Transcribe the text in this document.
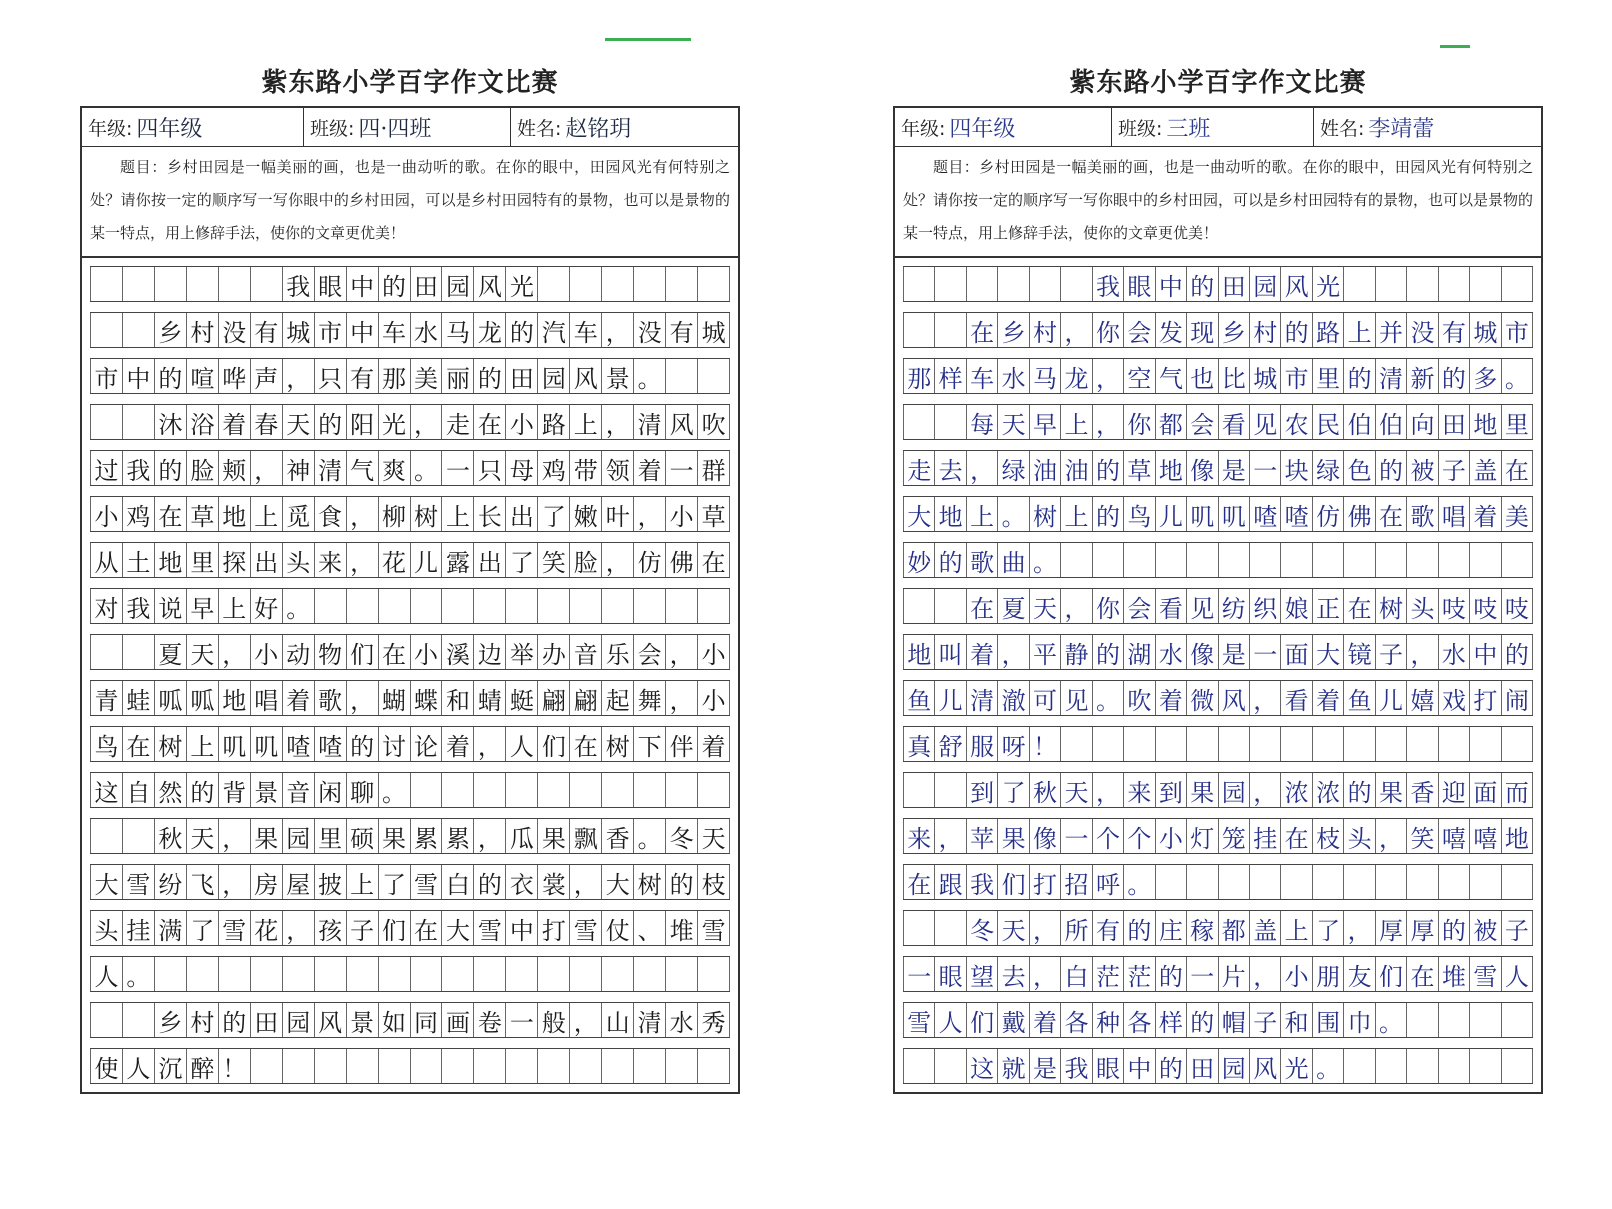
紫东路小学百字作文比赛
年级: 四年级	班级: 四·四班	姓名: 赵铭玥
题目：乡村田园是一幅美丽的画，也是一曲动听的歌。在你的眼中，田园风光有何特别之处？请你按一定的顺序写一写你眼中的乡村田园，可以是乡村田园特有的景物，也可以是景物的某一特点，用上修辞手法，使你的文章更优美！
我 眼 中 的 田 园 风 光
乡 村 没 有 城 市 中 车 水 马 龙 的 汽 车 ， 没 有 城
市 中 的 喧 哗 声 ， 只 有 那 美 丽 的 田 园 风 景 。
沐 浴 着 春 天 的 阳 光 ， 走 在 小 路 上 ， 清 风 吹
过 我 的 脸 颊 ， 神 清 气 爽 。 一 只 母 鸡 带 领 着 一 群
小 鸡 在 草 地 上 觅 食 ， 柳 树 上 长 出 了 嫩 叶 ， 小 草
从 土 地 里 探 出 头 来 ， 花 儿 露 出 了 笑 脸 ， 仿 佛 在
对 我 说 早 上 好 。
夏 天 ， 小 动 物 们 在 小 溪 边 举 办 音 乐 会 ， 小
青 蛙 呱 呱 地 唱 着 歌 ， 蝴 蝶 和 蜻 蜓 翩 翩 起 舞 ， 小
鸟 在 树 上 叽 叽 喳 喳 的 讨 论 着 ， 人 们 在 树 下 伴 着
这 自 然 的 背 景 音 闲 聊 。
秋 天 ， 果 园 里 硕 果 累 累 ， 瓜 果 飘 香 。 冬 天
大 雪 纷 飞 ， 房 屋 披 上 了 雪 白 的 衣 裳 ， 大 树 的 枝
头 挂 满 了 雪 花 ， 孩 子 们 在 大 雪 中 打 雪 仗 、 堆 雪
人 。
乡 村 的 田 园 风 景 如 同 画 卷 一 般 ， 山 清 水 秀
使 人 沉 醉 ！
紫东路小学百字作文比赛
年级: 四年级	班级: 三班	姓名: 李靖蕾
题目：乡村田园是一幅美丽的画，也是一曲动听的歌。在你的眼中，田园风光有何特别之处？请你按一定的顺序写一写你眼中的乡村田园，可以是乡村田园特有的景物，也可以是景物的某一特点，用上修辞手法，使你的文章更优美！
我 眼 中 的 田 园 风 光
在 乡 村 ， 你 会 发 现 乡 村 的 路 上 并 没 有 城 市
那 样 车 水 马 龙 ， 空 气 也 比 城 市 里 的 清 新 的 多 。
每 天 早 上 ， 你 都 会 看 见 农 民 伯 伯 向 田 地 里
走 去 ， 绿 油 油 的 草 地 像 是 一 块 绿 色 的 被 子 盖 在
大 地 上 。 树 上 的 鸟 儿 叽 叽 喳 喳 仿 佛 在 歌 唱 着 美
妙 的 歌 曲 。
在 夏 天 ， 你 会 看 见 纺 织 娘 正 在 树 头 吱 吱 吱
地 叫 着 ， 平 静 的 湖 水 像 是 一 面 大 镜 子 ， 水 中 的
鱼 儿 清 澈 可 见 。 吹 着 微 风 ， 看 着 鱼 儿 嬉 戏 打 闹
真 舒 服 呀 ！
到 了 秋 天 ， 来 到 果 园 ， 浓 浓 的 果 香 迎 面 而
来 ， 苹 果 像 一 个 个 小 灯 笼 挂 在 枝 头 ， 笑 嘻 嘻 地
在 跟 我 们 打 招 呼 。
冬 天 ， 所 有 的 庄 稼 都 盖 上 了 ， 厚 厚 的 被 子
一 眼 望 去 ， 白 茫 茫 的 一 片 ， 小 朋 友 们 在 堆 雪 人
雪 人 们 戴 着 各 种 各 样 的 帽 子 和 围 巾 。
这 就 是 我 眼 中 的 田 园 风 光 。
